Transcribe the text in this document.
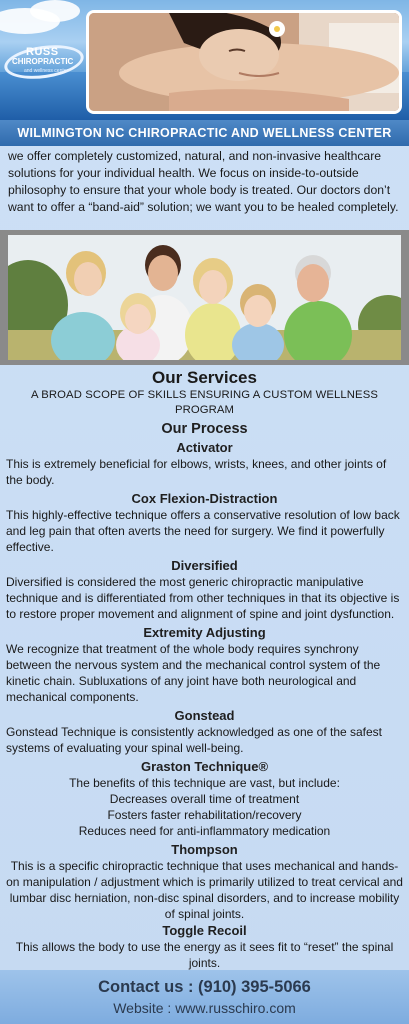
RUSS
CHIROPRACTIC
and wellness center
WILMINGTON NC CHIROPRACTIC AND WELLNESS CENTER
we offer completely customized, natural, and non-invasive healthcare solutions for your individual health. We focus on inside-to-outside philosophy to ensure that your whole body is treated. Our doctors don’t want to offer a “band-aid” solution; we want you to be healed completely.
Our Services
A BROAD SCOPE OF SKILLS ENSURING A CUSTOM WELLNESS PROGRAM
Our Process
Activator
This is extremely beneficial for elbows, wrists, knees, and other joints of the body.
Cox Flexion-Distraction
This highly-effective technique offers a conservative resolution of low back and leg pain that often averts the need for surgery. We find it powerfully effective.
Diversified
Diversified is considered the most generic chiropractic manipulative technique and is differentiated from other techniques in that its objective is to restore proper movement and alignment of spine and joint dysfunction.
Extremity Adjusting
We recognize that treatment of the whole body requires synchrony between the nervous system and the mechanical control system of the kinetic chain. Subluxations of any joint have both neurological and mechanical components.
Gonstead
Gonstead Technique is consistently acknowledged as one of the safest systems of evaluating your spinal well-being.
Graston Technique®
The benefits of this technique are vast, but include:
Decreases overall time of treatment
Fosters faster rehabilitation/recovery
Reduces need for anti-inflammatory medication
Thompson
This is a specific chiropractic technique that uses mechanical and hands-on manipulation / adjustment which is primarily utilized to treat cervical and lumbar disc herniation, non-disc spinal disorders, and to increase mobility of spinal joints.
Toggle Recoil
This allows the body to use the energy as it sees fit to “reset” the spinal joints.
Contact us : (910) 395-5066
Website : www.russchiro.com
